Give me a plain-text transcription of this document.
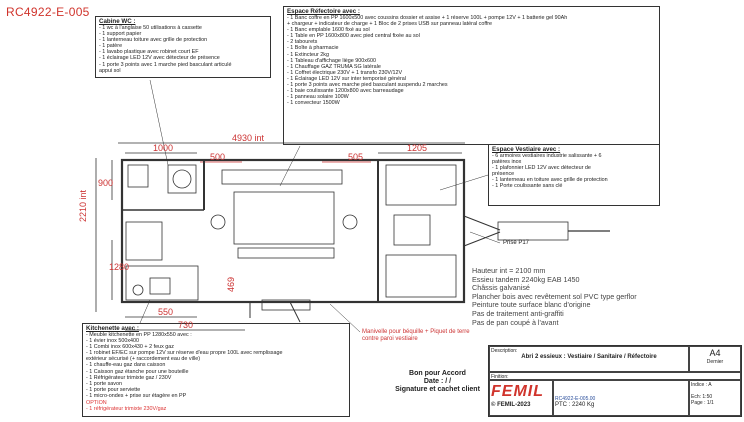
RC4922-E-005
Cabine WC :
- 1 wc à l'anglaise 50 utilisations à cassette
- 1 support papier
- 1 lanterneau toiture avec grille de protection
- 1 patère
- 1 lavabo plastique avec robinet court EF
- 1 éclairage LED 12V avec détecteur de présence
- 1 porte 3 points avec 1 marche pied basculant articulé
appui sol
Espace Réfectoire avec :
- 1 Banc coffre en PP 1600x500 avec coussins dossier et assise + 1 réserve 100L + pompe 12V + 1 batterie gel 90Ah
+ chargeur + indicateur de charge + 1 Bloc de 2 prises USB sur panneau latéral coffre
- 1 Banc emplable 1600 fixé au sol
- 1 Table en PP 1600x800 avec pied central fixée au sol
- 2 tabourets
- 1 Boîte à pharmacie
- 1 Extincteur 2kg
- 1 Tableau d'affichage liège 900x600
- 1 Chauffage GAZ TRUMA SG latérale
- 1 Coffret électrique 230V + 1 transfo 230V/12V
- 1 Éclairage LED 12V sur inter temporisé général
- 1 porte 3 points avec marche pied basculant suspendu 2 marches
- 1 baie coulissante 1200x800 avec barreaudage
- 1 panneau solaire 100W
- 1 convecteur 1500W
Espace Vestiaire avec :
- 6 armoires vestiaires industrie salissante + 6
patères inox
- 1 plafonnier LED 12V avec détecteur de
présence
- 1 lanterneau en toiture avec grille de protection
- 1 Porte coulissante sans clé
Kitchenette avec :
- Meuble kitchenette en PP 1280x550 avec :
- 1 évier inox 500x400
- 1 Combi inox 600x430 + 2 feux gaz
- 1 robinet EF/EC sur pompe 12V sur réserve d'eau propre 100L avec remplissage
extérieur sécurisé (+ raccordement eau de ville)
- 1 chauffe-eau gaz dans caisson
- 1 Caisson gaz étanche pour une bouteille
- 1 Réfrigérateur trimixte gaz / 230V
- 1 porte savon
- 1 porte pour serviette
- 1 micro-ondes + prise sur étagère en PP
OPTION
- 1 réfrigérateur trimixte 230V/gaz
Hauteur int = 2100 mm
Essieu tandem 2240kg EAB 1450
Châssis galvanisé
Plancher bois avec revêtement sol PVC type gerflor
Peinture toute surface blanc d'origine
Pas de traitement anti-graffiti
Pas de pan coupé à l'avant
4930 int
1000	1205
500	505
900
2210 int
1280
550
730
469
Prise P17
Manivelle pour béquille + Piquet de terre contre paroi vestiaire
Bon pour Accord
Date : / /
Signature et cachet client
Description:
Abri 2 essieux : Vestiaire / Sanitaire / Réfectoire	A4
Dernier
Finition:
FEMIL
© FEMIL-2023
RC4922-E-005.00
PTC : 2240 Kg
Indice : A
Ech: 1:50
Page : 1/1
